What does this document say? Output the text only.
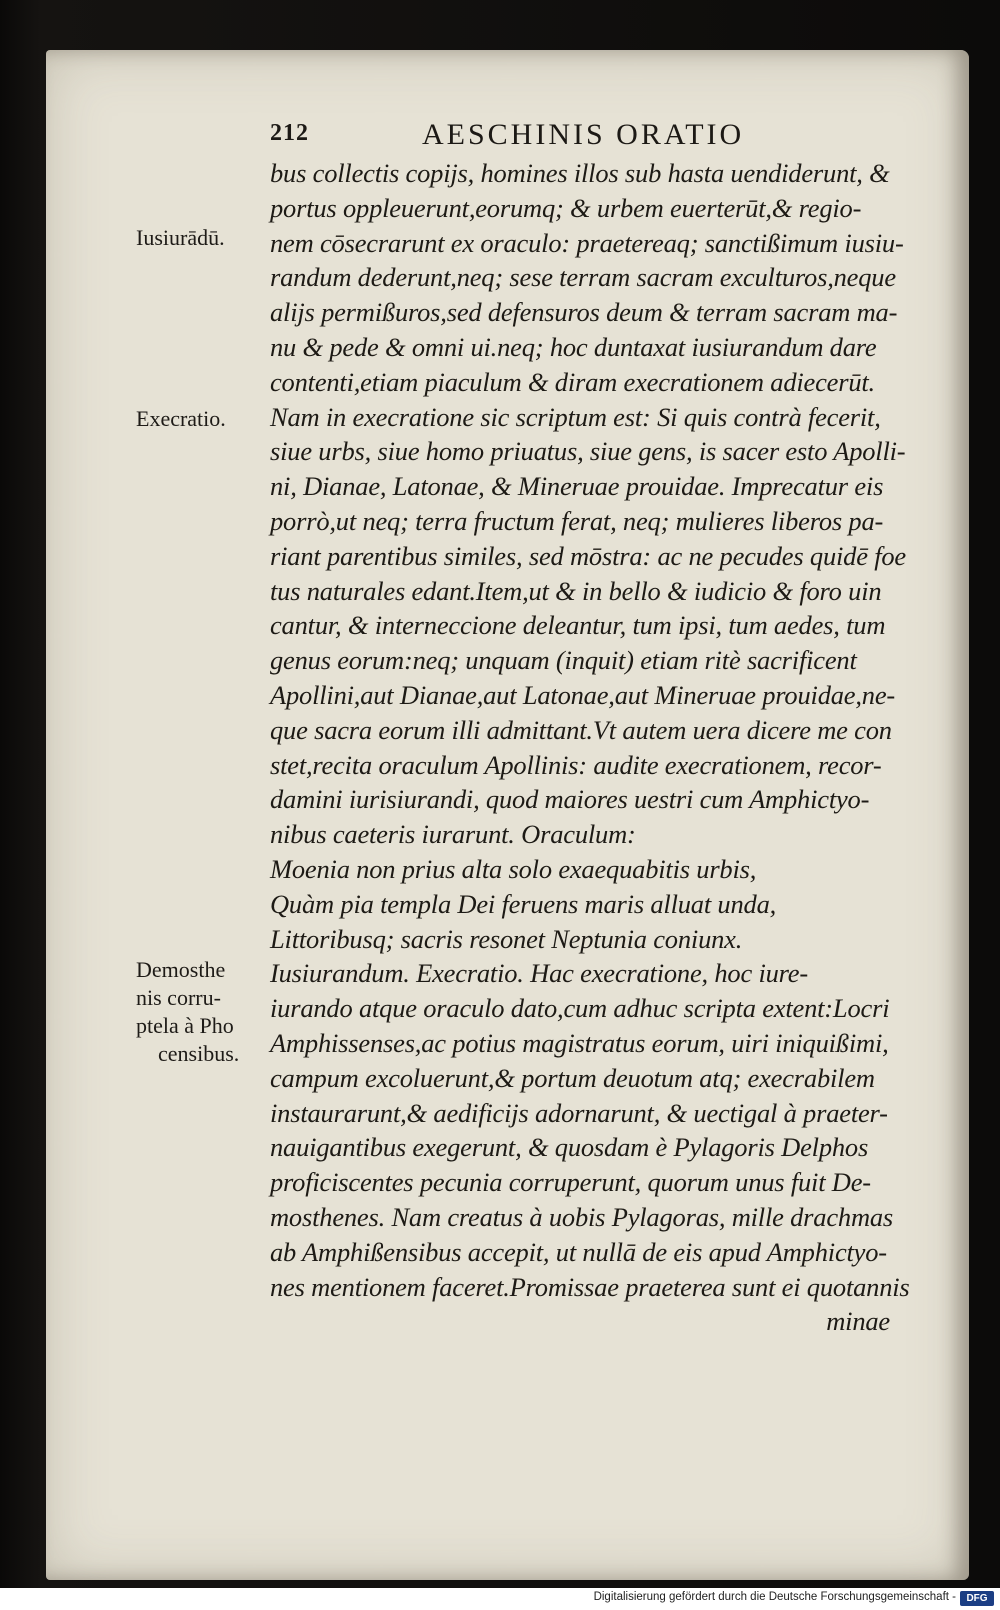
212	AESCHINIS ORATIO
Iusiurādū.
Execratio.
Demosthe
nis corru-
ptela à Pho
censibus.
bus collectis copijs, homines illos sub hasta uendiderunt, &
portus oppleuerunt,eorumq; & urbem euerterūt,& regio-
nem cōsecrarunt ex oraculo: praetereaq; sanctißimum iusiu-
randum dederunt,neq; sese terram sacram exculturos,neque
alijs permißuros,sed defensuros deum & terram sacram ma-
nu & pede & omni ui.neq; hoc duntaxat iusiurandum dare
contenti,etiam piaculum & diram execrationem adiecerūt.
Nam in execratione sic scriptum est: Si quis contrà fecerit,
siue urbs, siue homo priuatus, siue gens, is sacer esto Apolli-
ni, Dianae, Latonae, & Mineruae prouidae. Imprecatur eis
porrò,ut neq; terra fructum ferat, neq; mulieres liberos pa-
riant parentibus similes, sed mōstra: ac ne pecudes quidē foe
tus naturales edant.Item,ut & in bello & iudicio & foro uin
cantur, & interneccione deleantur, tum ipsi, tum aedes, tum
genus eorum:neq; unquam (inquit) etiam ritè sacrificent
Apollini,aut Dianae,aut Latonae,aut Mineruae prouidae,ne-
que sacra eorum illi admittant.Vt autem uera dicere me con
stet,recita oraculum Apollinis: audite execrationem, recor-
damini iurisiurandi, quod maiores uestri cum Amphictyo-
nibus caeteris iurarunt. Oraculum:
Moenia non prius alta solo exaequabitis urbis,
Quàm pia templa Dei feruens maris alluat unda,
Littoribusq; sacris resonet Neptunia coniunx.
Iusiurandum. Execratio. Hac execratione, hoc iure-
iurando atque oraculo dato,cum adhuc scripta extent:Locri
Amphissenses,ac potius magistratus eorum, uiri iniquißimi,
campum excoluerunt,& portum deuotum atq; execrabilem
instaurarunt,& aedificijs adornarunt, & uectigal à praeter-
nauigantibus exegerunt, & quosdam è Pylagoris Delphos
proficiscentes pecunia corruperunt, quorum unus fuit De-
mosthenes. Nam creatus à uobis Pylagoras, mille drachmas
ab Amphißensibus accepit, ut nullā de eis apud Amphictyo-
nes mentionem faceret.Promissae praeterea sunt ei quotannis
minae
Digitalisierung gefördert durch die Deutsche Forschungsgemeinschaft -	DFG
